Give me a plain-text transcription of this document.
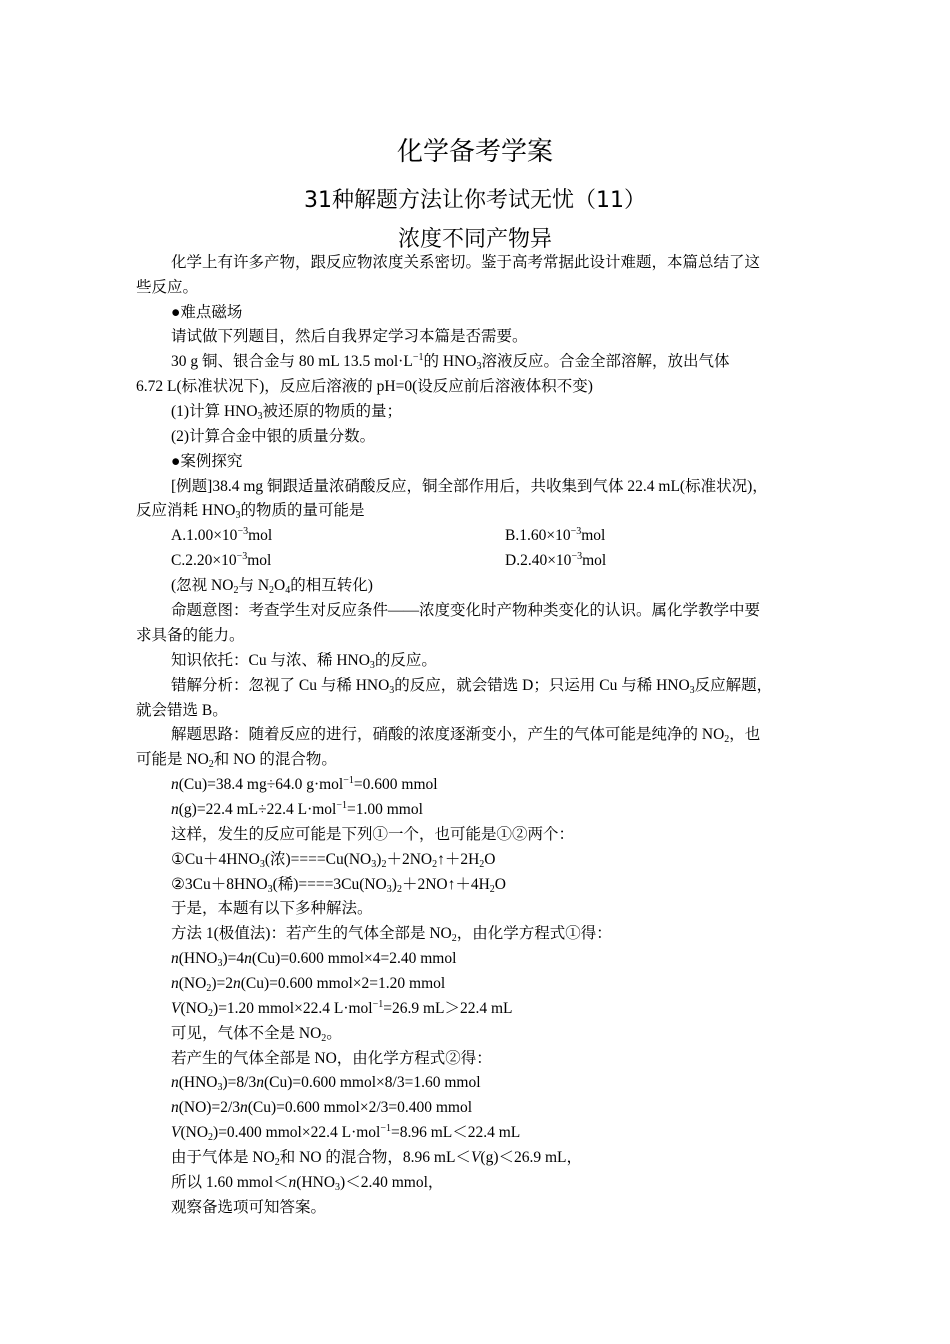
化学备考学案
31种解题方法让你考试无忧（11）
浓度不同产物异
化学上有许多产物，跟反应物浓度关系密切。鉴于高考常据此设计难题，本篇总结了这
些反应。
●难点磁场
请试做下列题目，然后自我界定学习本篇是否需要。
30 g 铜、银合金与 80 mL 13.5 $mol\cdot L^{-1}$的 $HNO_3$溶液反应。合金全部溶解，放出气体
6.72 L(标准状况下)，反应后溶液的 pH=0(设反应前后溶液体积不变)
(1)计算 $HNO_3$被还原的物质的量；
(2)计算合金中银的质量分数。
●案例探究
[例题]38.4 mg 铜跟适量浓硝酸反应，铜全部作用后，共收集到气体 22.4 mL(标准状况)，
反应消耗 $HNO_3$的物质的量可能是
$A.1.00\times 10^{-3}mol$	$B.1.60\times 10^{-3}mol$
$C.2.20\times 10^{-3}mol$	$D.2.40\times 10^{-3}mol$
(忽视 $NO_2$与 $N_2O_4$的相互转化)
命题意图：考查学生对反应条件——浓度变化时产物种类变化的认识。属化学教学中要
求具备的能力。
知识依托：Cu 与浓、稀 $HNO_3$的反应。
错解分析：忽视了 Cu 与稀 $HNO_3$的反应，就会错选 D；只运用 Cu 与稀 $HNO_3$反应解题，
就会错选 B。
解题思路：随着反应的进行，硝酸的浓度逐渐变小，产生的气体可能是纯净的 $NO_2$，也
可能是 $NO_2$和 NO 的混合物。
n(Cu)=38.4 mg÷64.0 g·mol$^{-1}$=0.600 mmol
n(g)=22.4 mL÷22.4 L·mol$^{-1}$=1.00 mmol
这样，发生的反应可能是下列①一个，也可能是①②两个：
$①Cu+4HNO_3$(浓)$====Cu(NO_3)_2+2NO_2↑+2H_2O$
$②3Cu+8HNO_3$(稀)$====3Cu(NO_3)_2+2NO↑+4H_2O$
于是，本题有以下多种解法。
方法 1(极值法)：若产生的气体全部是 $NO_2$，由化学方程式①得：
$n(HNO_3)=4n(Cu)=0.600$ mmol×4=2.40 mmol
$n(NO_2)=2n(Cu)=0.600$ mmol×2=1.20 mmol
$V(NO_2)=1.20$ mmol×22.4 L·mol$^{-1}$=26.9 mL＞22.4 mL
可见，气体不全是 $NO_2$。
若产生的气体全部是 NO，由化学方程式②得：
$n(HNO_3)=8/3n(Cu)=0.600$ mmol×8/3=1.60 mmol
n(NO)=2/3n(Cu)=0.600 mmol×2/3=0.400 mmol
$V(NO_2)=0.400$ mmol×22.4 L·mol$^{-1}$=8.96 mL＜22.4 mL
由于气体是 $NO_2$和 NO 的混合物，8.96 mL＜V(g)＜26.9 mL，
所以 1.60 $mmol<n(HNO_3)<2.40$ mmol，
观察备选项可知答案。
